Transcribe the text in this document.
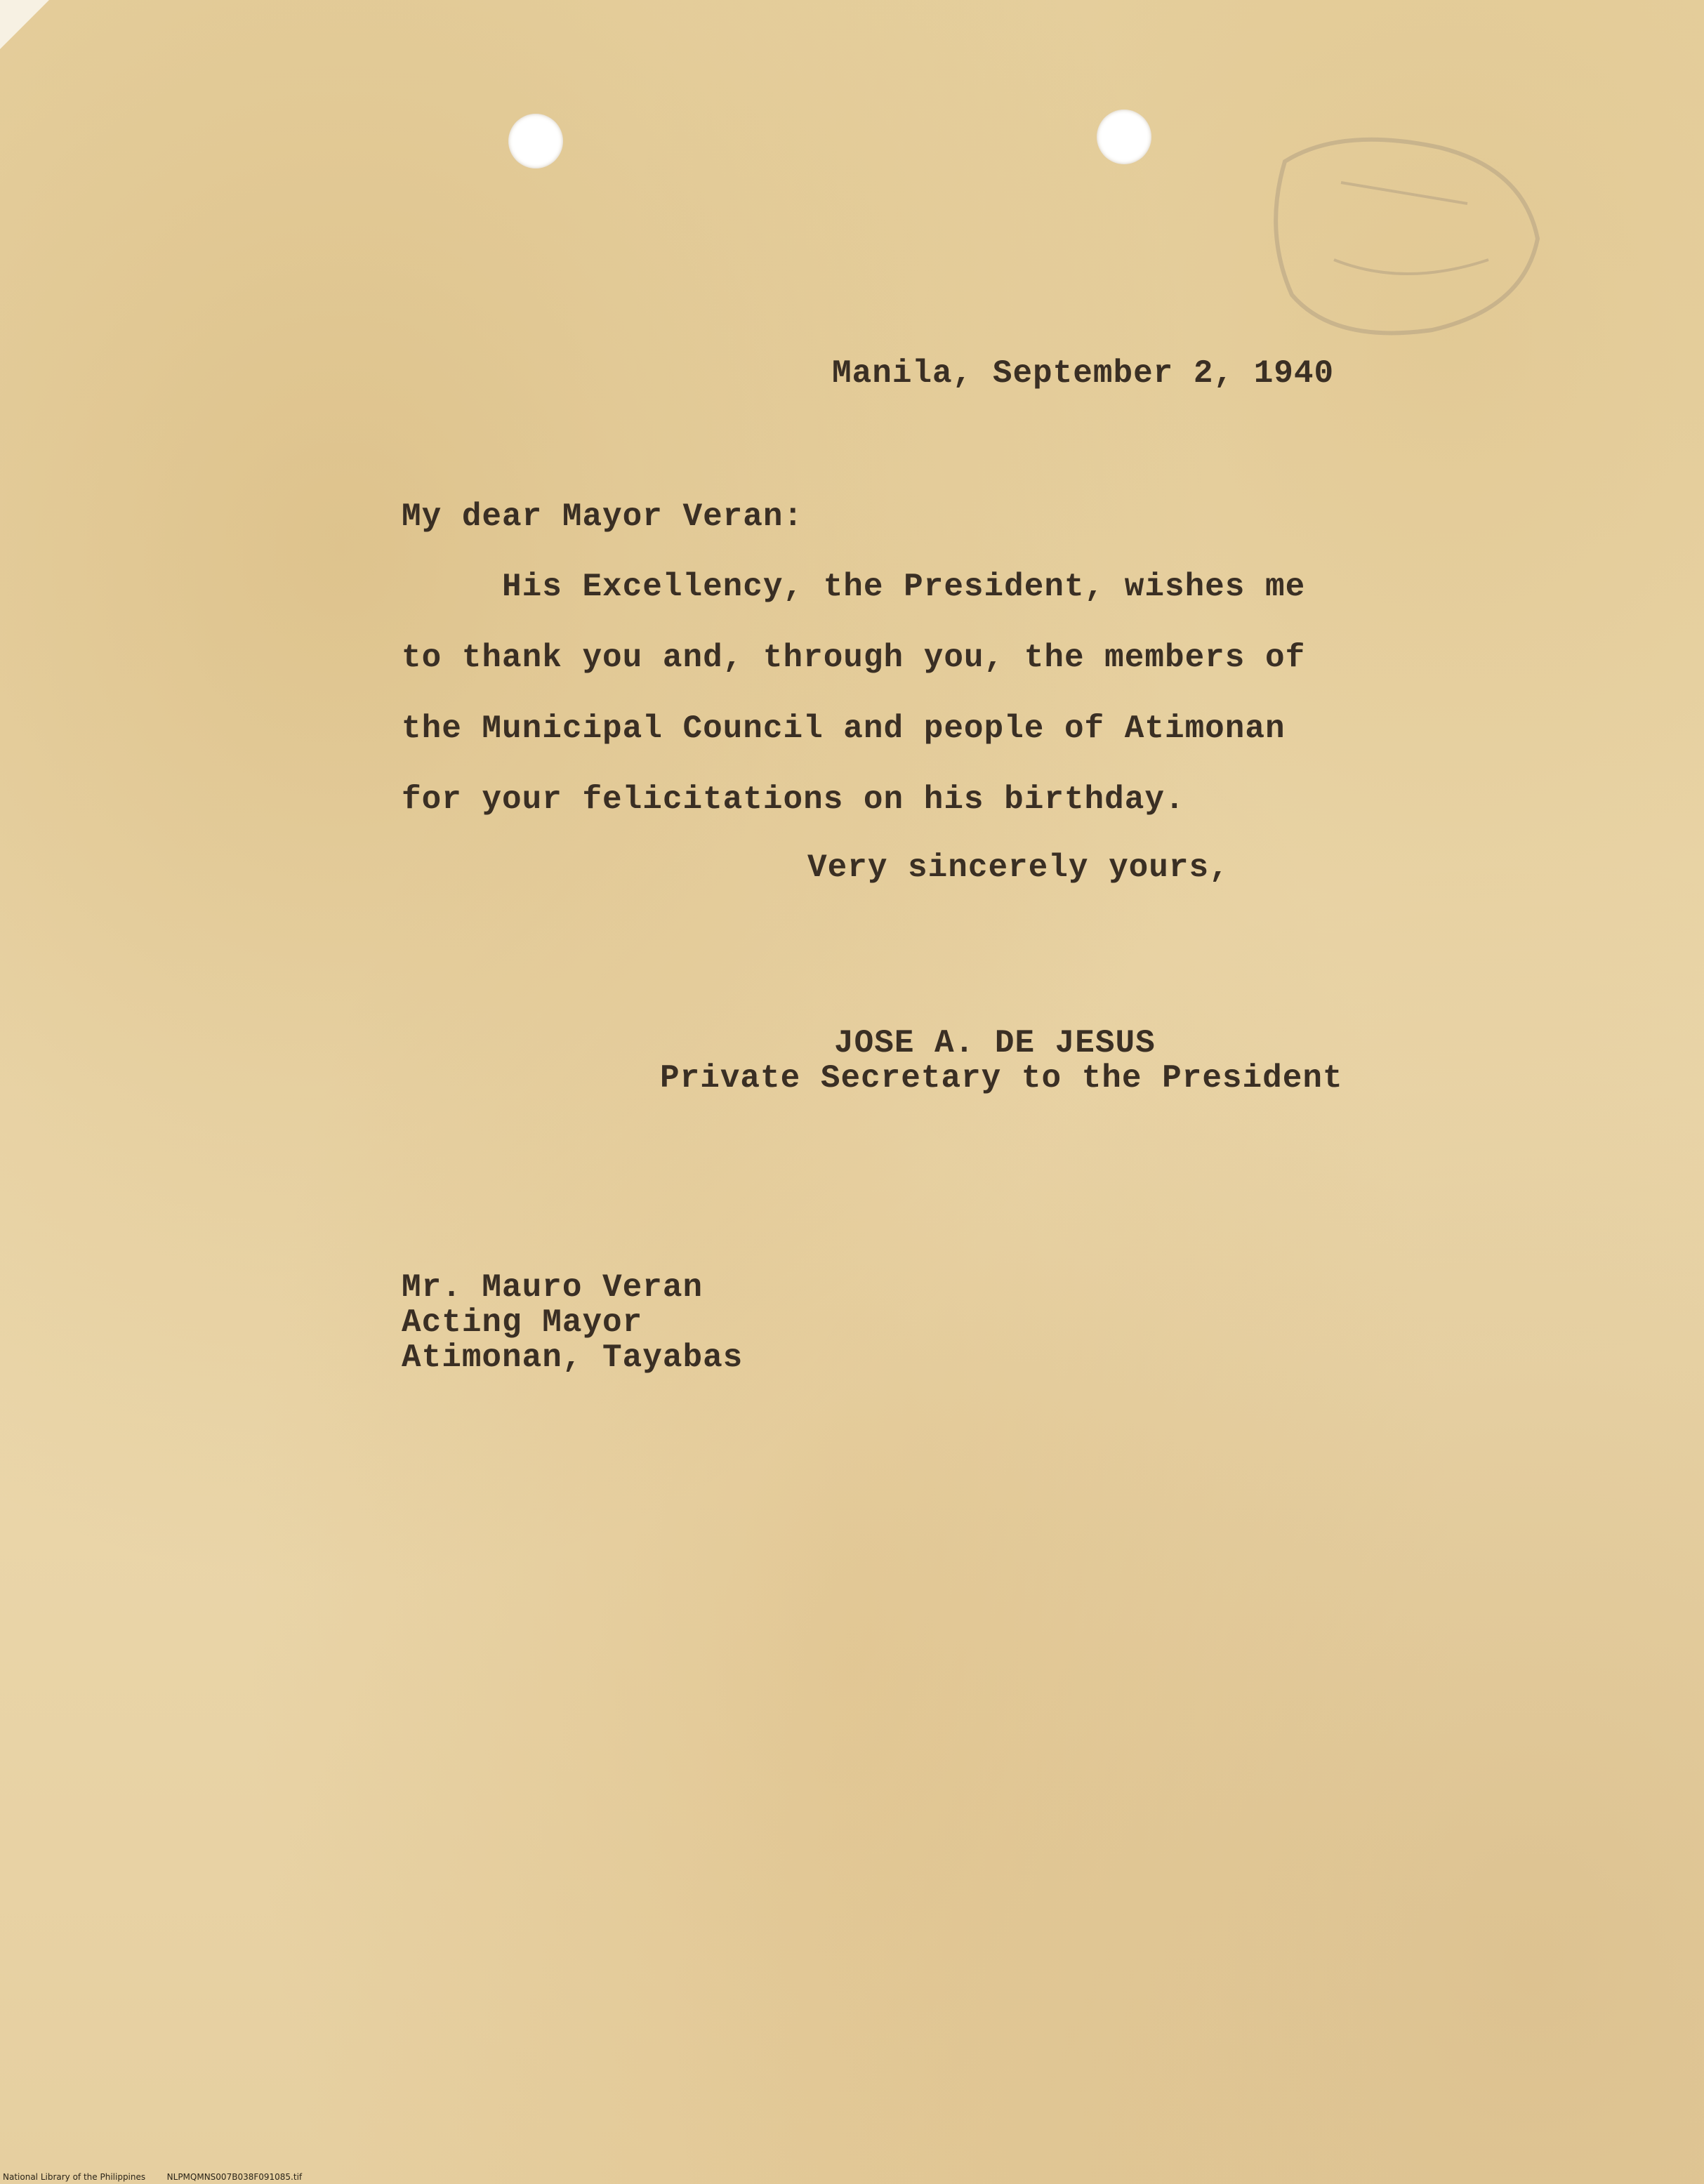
Manila, September 2, 1940
My dear Mayor Veran:
His Excellency, the President, wishes me
to thank you and, through you, the members of
the Municipal Council and people of Atimonan
for your felicitations on his birthday.
Very sincerely yours,
JOSE A. DE JESUS
Private Secretary to the President
Mr. Mauro Veran
Acting Mayor
Atimonan, Tayabas
National Library of the Philippines	NLPMQMNS007B038F091085.tif
